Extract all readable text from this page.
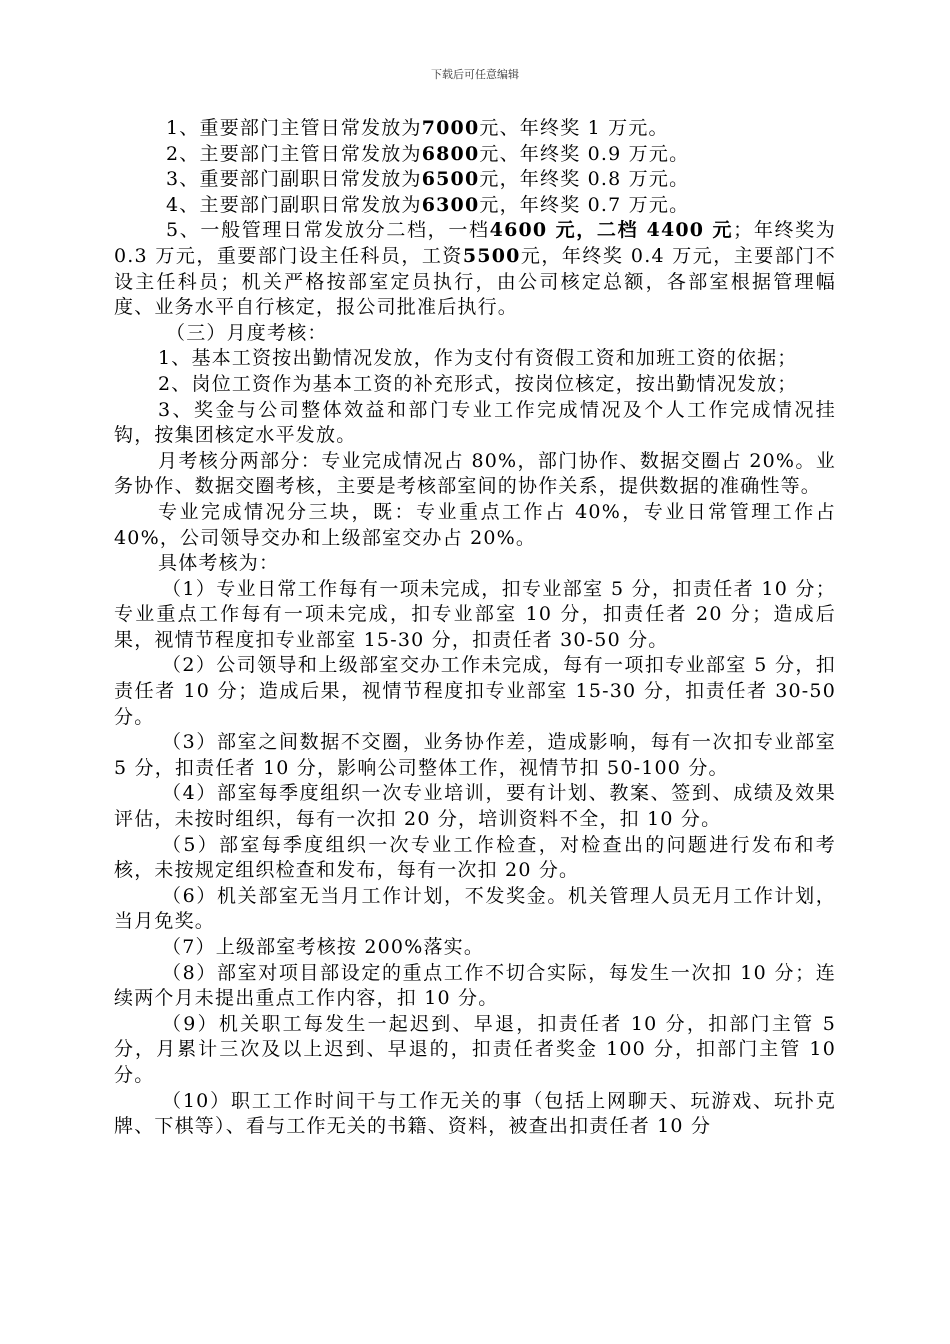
下载后可任意编辑

1、重要部门主管日常发放为7000元、年终奖 1 万元。

2、主要部门主管日常发放为6800元、年终奖 0.9 万元。

3、重要部门副职日常发放为6500元，年终奖 0.8 万元。

4、主要部门副职日常发放为6300元，年终奖 0.7 万元。

5、一般管理日常发放分二档，一档4600 元，二档 4400 元；年终奖为 0.3 万元，重要部门设主任科员，工资5500元，年终奖 0.4 万元，主要部门不设主任科员；机关严格按部室定员执行，由公司核定总额，各部室根据管理幅度、业务水平自行核定，报公司批准后执行。

（三）月度考核：

1、基本工资按出勤情况发放，作为支付有资假工资和加班工资的依据；

2、岗位工资作为基本工资的补充形式，按岗位核定，按出勤情况发放；

3、奖金与公司整体效益和部门专业工作完成情况及个人工作完成情况挂钩，按集团核定水平发放。

月考核分两部分：专业完成情况占 80%，部门协作、数据交圈占 20%。业务协作、数据交圈考核，主要是考核部室间的协作关系，提供数据的准确性等。

专业完成情况分三块，既：专业重点工作占 40%，专业日常管理工作占 40%，公司领导交办和上级部室交办占 20%。

具体考核为：

（1）专业日常工作每有一项未完成，扣专业部室 5 分，扣责任者 10 分；专业重点工作每有一项未完成，扣专业部室 10 分，扣责任者 20 分；造成后果，视情节程度扣专业部室 15-30 分，扣责任者 30-50 分。

（2）公司领导和上级部室交办工作未完成，每有一项扣专业部室 5 分，扣责任者 10 分；造成后果，视情节程度扣专业部室 15-30 分，扣责任者 30-50 分。

（3）部室之间数据不交圈，业务协作差，造成影响，每有一次扣专业部室 5 分，扣责任者 10 分，影响公司整体工作，视情节扣 50-100 分。

（4）部室每季度组织一次专业培训，要有计划、教案、签到、成绩及效果评估，未按时组织，每有一次扣 20 分，培训资料不全，扣 10 分。

（5）部室每季度组织一次专业工作检查，对检查出的问题进行发布和考核，未按规定组织检查和发布，每有一次扣 20 分。

（6）机关部室无当月工作计划，不发奖金。机关管理人员无月工作计划，当月免奖。

（7）上级部室考核按 200%落实。

（8）部室对项目部设定的重点工作不切合实际，每发生一次扣 10 分；连续两个月未提出重点工作内容，扣 10 分。

（9）机关职工每发生一起迟到、早退，扣责任者 10 分，扣部门主管 5 分，月累计三次及以上迟到、早退的，扣责任者奖金 100 分，扣部门主管 10 分。

（10）职工工作时间干与工作无关的事（包括上网聊天、玩游戏、玩扑克牌、下棋等）、看与工作无关的书籍、资料，被查出扣责任者 10 分
